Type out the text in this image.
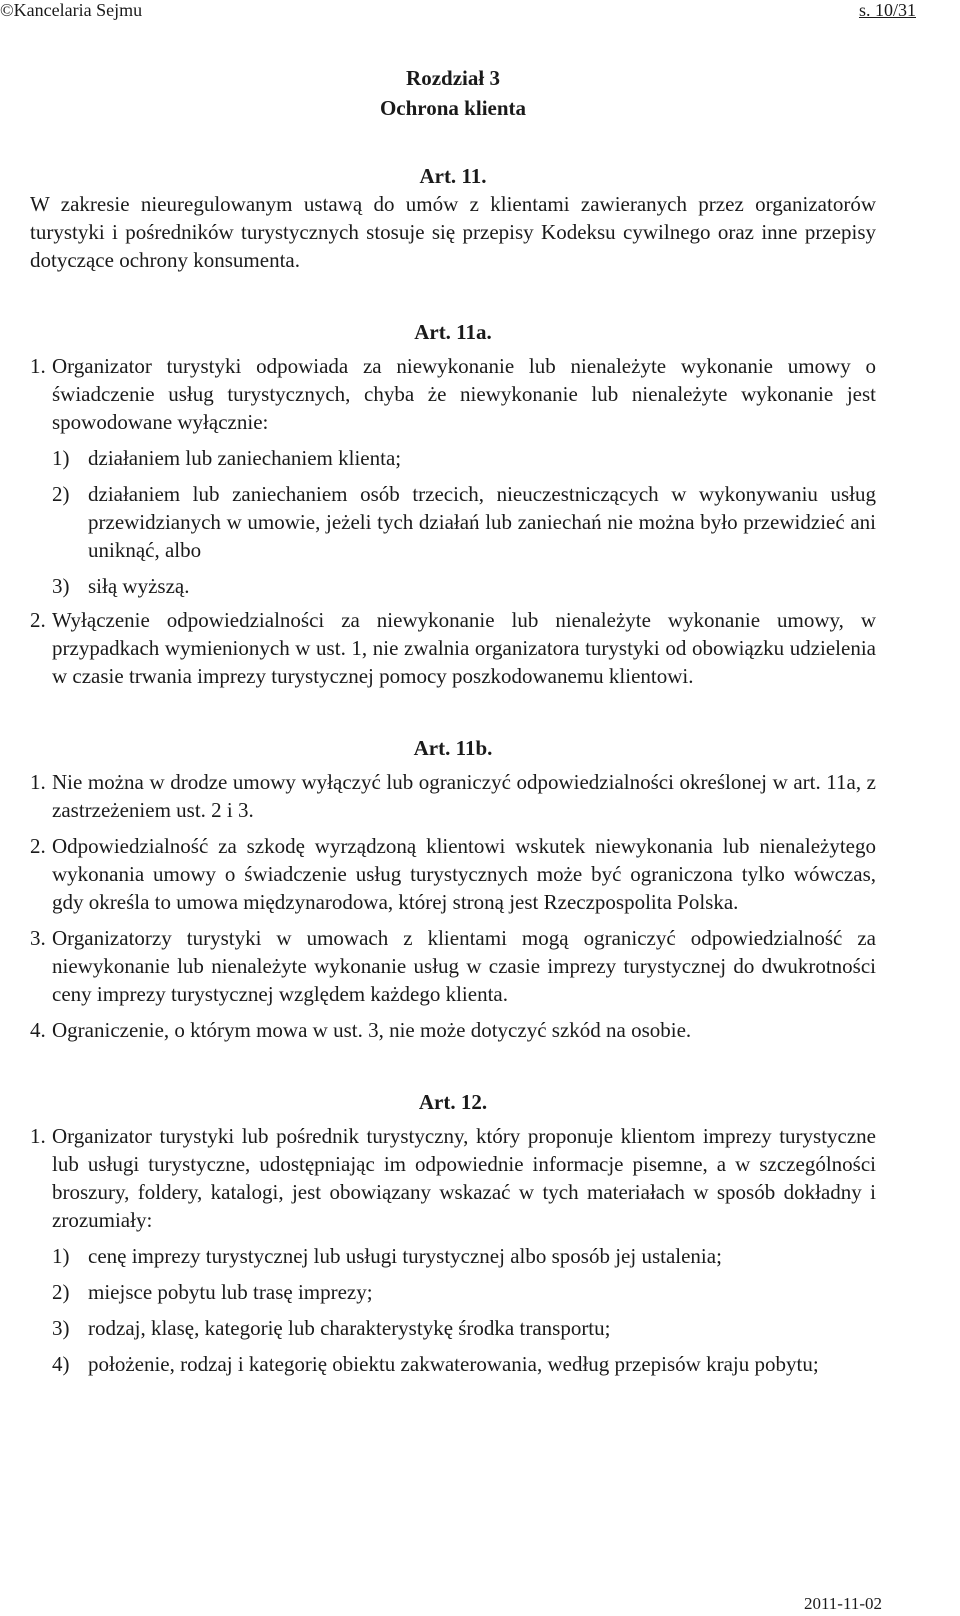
©Kancelaria Sejmu	s. 10/31
Rozdział 3
Ochrona klienta
Art. 11.

W zakresie nieuregulowanym ustawą do umów z klientami zawieranych przez organizatorów turystyki i pośredników turystycznych stosuje się przepisy Kodeksu cywilnego oraz inne przepisy dotyczące ochrony konsumenta.

Art. 11a.
1. Organizator turystyki odpowiada za niewykonanie lub nienależyte wykonanie umowy o świadczenie usług turystycznych, chyba że niewykonanie lub nienależyte wykonanie jest spowodowane wyłącznie:
1) działaniem lub zaniechaniem klienta;
2) działaniem lub zaniechaniem osób trzecich, nieuczestniczących w wykonywaniu usług przewidzianych w umowie, jeżeli tych działań lub zaniechań nie można było przewidzieć ani uniknąć, albo
3) siłą wyższą.
2. Wyłączenie odpowiedzialności za niewykonanie lub nienależyte wykonanie umowy, w przypadkach wymienionych w ust. 1, nie zwalnia organizatora turystyki od obowiązku udzielenia w czasie trwania imprezy turystycznej pomocy poszkodowanemu klientowi.
Art. 11b.
1. Nie można w drodze umowy wyłączyć lub ograniczyć odpowiedzialności określonej w art. 11a, z zastrzeżeniem ust. 2 i 3.
2. Odpowiedzialność za szkodę wyrządzoną klientowi wskutek niewykonania lub nienależytego wykonania umowy o świadczenie usług turystycznych może być ograniczona tylko wówczas, gdy określa to umowa międzynarodowa, której stroną jest Rzeczpospolita Polska.
3. Organizatorzy turystyki w umowach z klientami mogą ograniczyć odpowiedzialność za niewykonanie lub nienależyte wykonanie usług w czasie imprezy turystycznej do dwukrotności ceny imprezy turystycznej względem każdego klienta.
4. Ograniczenie, o którym mowa w ust. 3, nie może dotyczyć szkód na osobie.
Art. 12.
1. Organizator turystyki lub pośrednik turystyczny, który proponuje klientom imprezy turystyczne lub usługi turystyczne, udostępniając im odpowiednie informacje pisemne, a w szczególności broszury, foldery, katalogi, jest obowiązany wskazać w tych materiałach w sposób dokładny i zrozumiały:
1) cenę imprezy turystycznej lub usługi turystycznej albo sposób jej ustalenia;
2) miejsce pobytu lub trasę imprezy;
3) rodzaj, klasę, kategorię lub charakterystykę środka transportu;
4) położenie, rodzaj i kategorię obiektu zakwaterowania, według przepisów kraju pobytu;
2011-11-02
